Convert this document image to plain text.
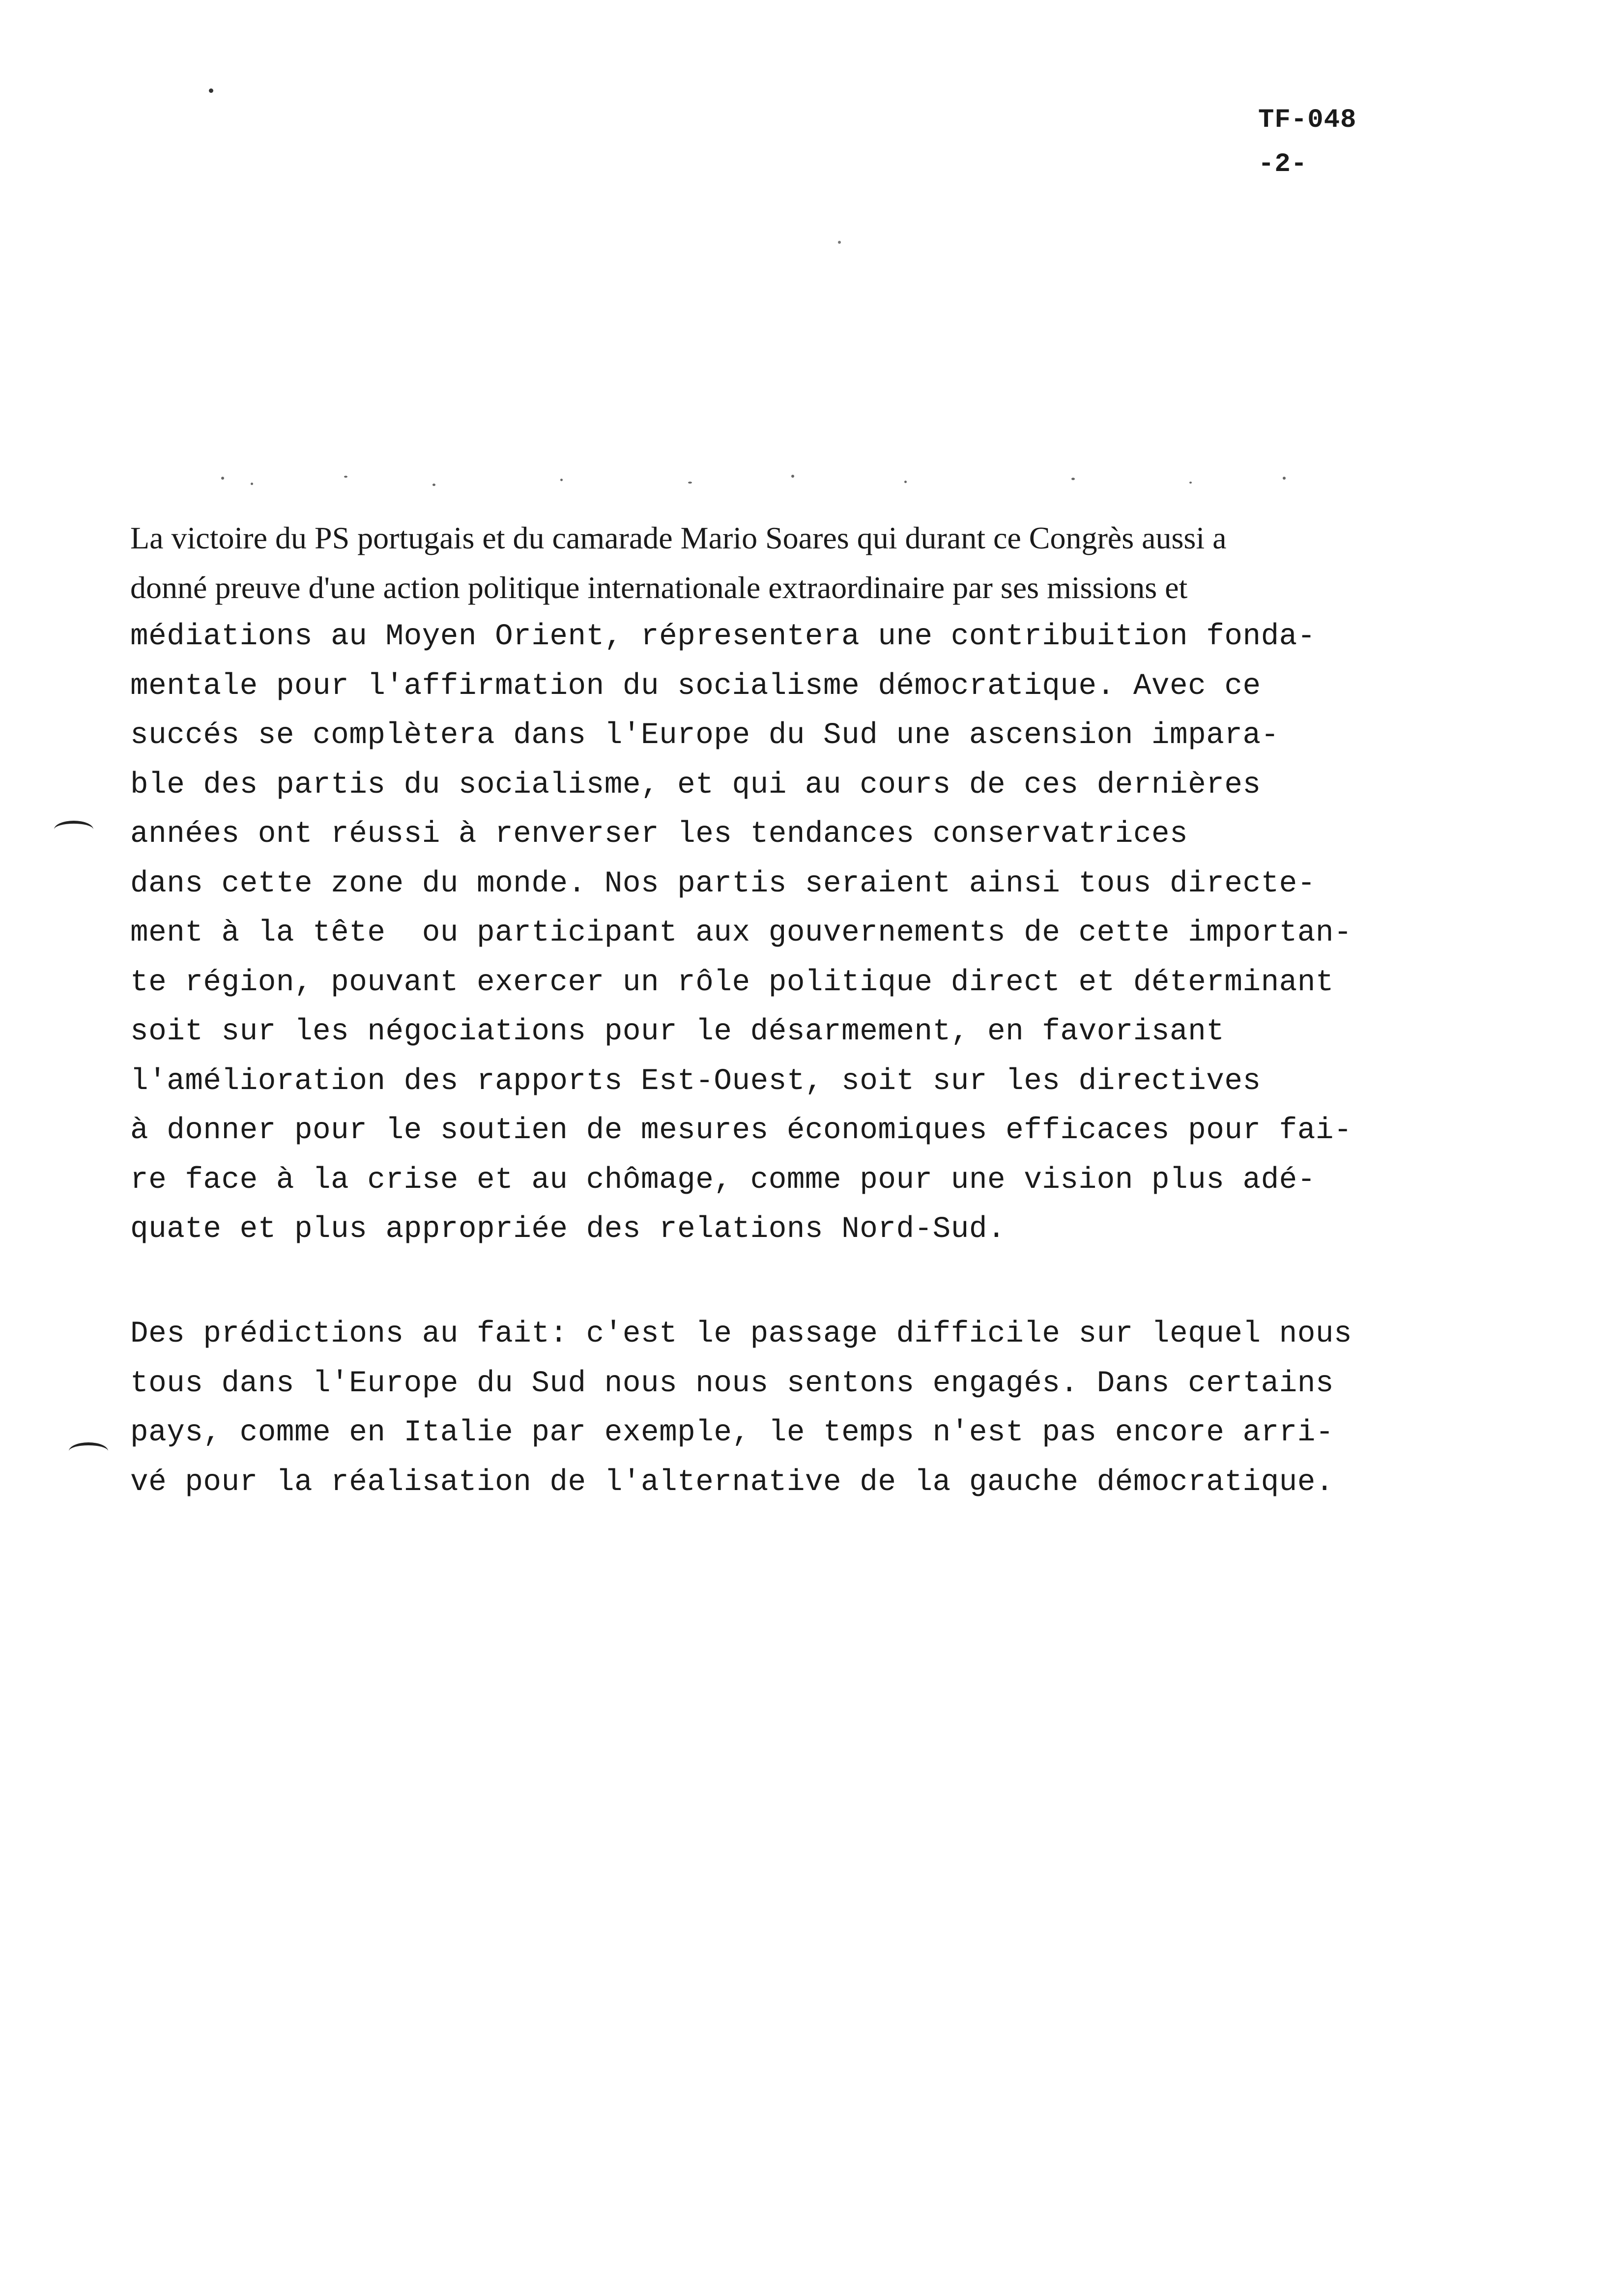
TF-048
-2-
La victoire du PS portugais et du camarade Mario Soares qui durant ce Congrès aussi a
donné preuve d'une action politique internationale extraordinaire par ses missions et
médiations au Moyen Orient, répresentera une contribuition fonda-
mentale pour l'affirmation du socialisme démocratique. Avec ce
succés se complètera dans l'Europe du Sud une ascension impara-
ble des partis du socialisme, et qui au cours de ces dernières
années ont réussi à renverser les tendances conservatrices
dans cette zone du monde. Nos partis seraient ainsi tous directe-
ment à la tête  ou participant aux gouvernements de cette importan-
te région, pouvant exercer un rôle politique direct et déterminant
soit sur les négociations pour le désarmement, en favorisant
l'amélioration des rapports Est-Ouest, soit sur les directives
à donner pour le soutien de mesures économiques efficaces pour fai-
re face à la crise et au chômage, comme pour une vision plus adé-
quate et plus appropriée des relations Nord-Sud.
Des prédictions au fait: c'est le passage difficile sur lequel nous
tous dans l'Europe du Sud nous nous sentons engagés. Dans certains
pays, comme en Italie par exemple, le temps n'est pas encore arri-
vé pour la réalisation de l'alternative de la gauche démocratique.
